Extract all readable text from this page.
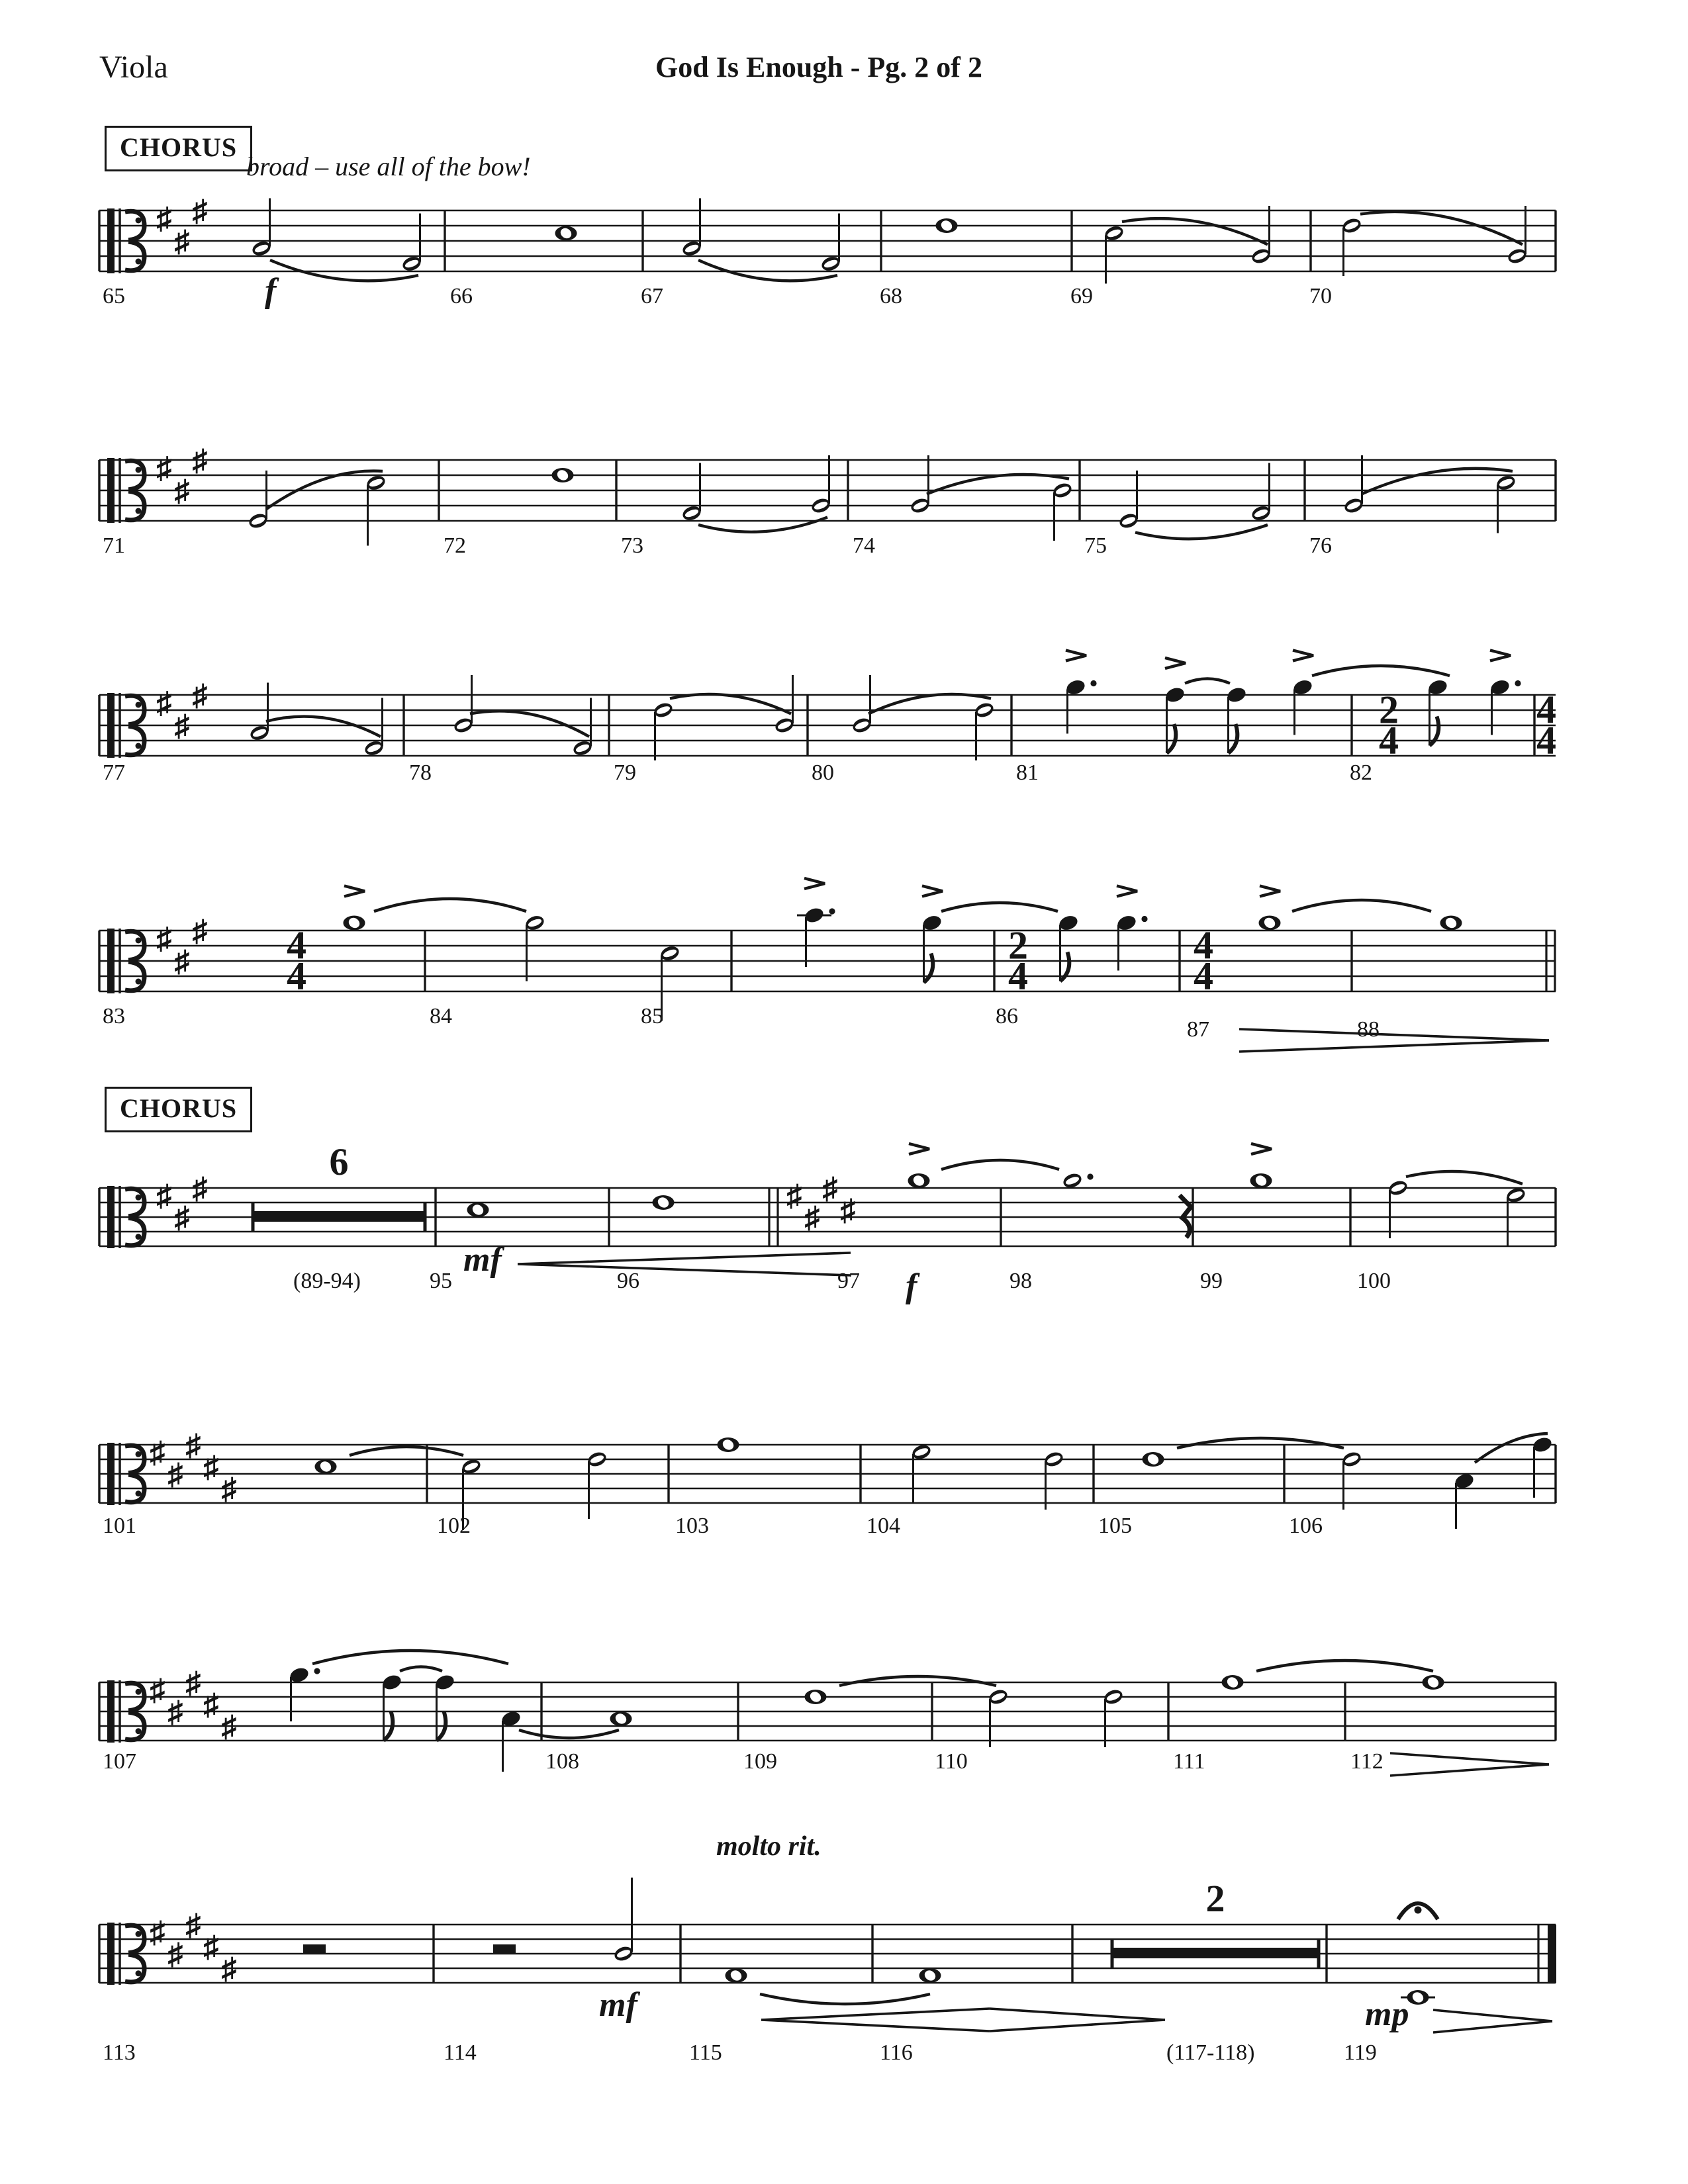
Viola	God Is Enough - Pg. 2 of 2
CHORUS
CHORUS
broad – use all of the bow!
molto rit.
♯
♯
♯
f
65	66	67	68	69	70
♯
♯
♯
71	72	73	74	75	76
♯
♯
♯	2
4
4
4
77	78	79	80	81	82
♯
♯
♯ 4
4
2
4
4
4
83	84	85	86
87	88
♯
♯
♯
6
mf
♯
♯
♯
♯
f
(89-94)	95	96	97	98	99	100
♯
♯
♯
♯
♯
101	102	103	104	105	106
♯
♯
♯
♯
♯
107	108	109	110	111	112
♯
♯
♯
♯
♯
mf
2
mp
113	114	115	116	(117-118)	119
